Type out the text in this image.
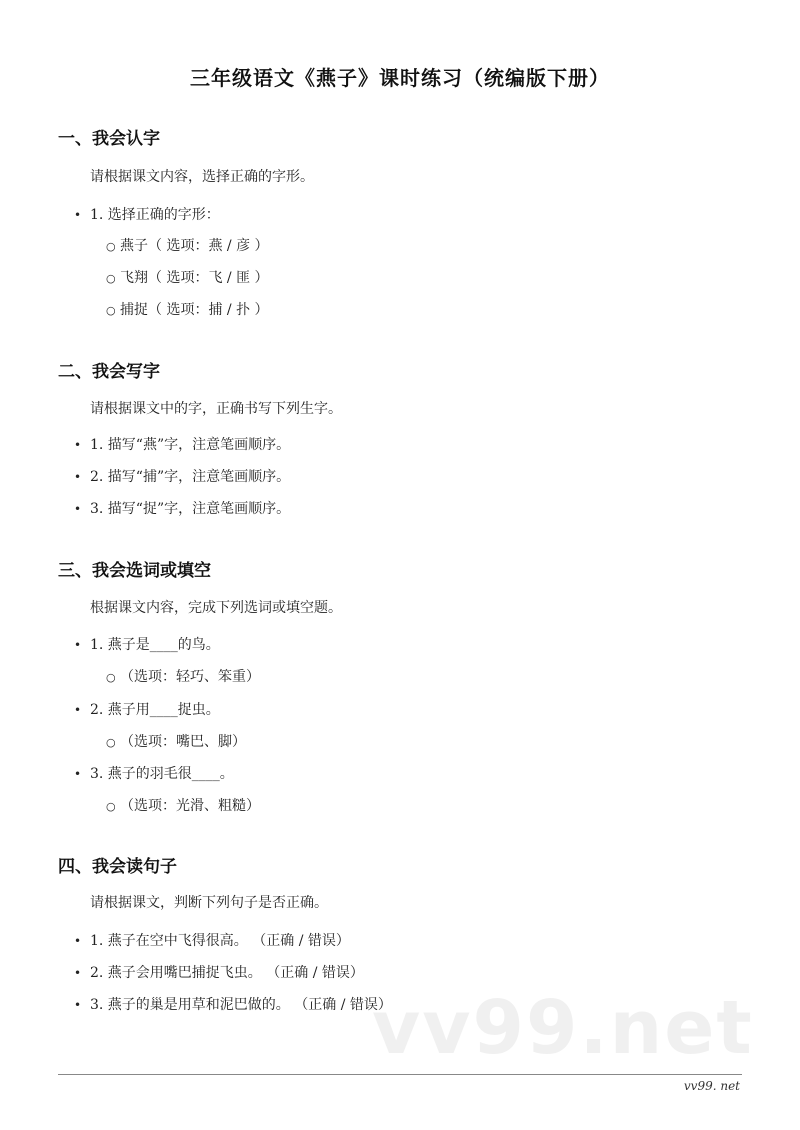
三年级语文《燕子》课时练习（统编版下册）
一、我会认字
请根据课文内容，选择正确的字形。
• 1. 选择正确的字形：
○ 燕子（ 选项：燕 / 彦 ）
○ 飞翔（ 选项：飞 / 匪 ）
○ 捕捉（ 选项：捕 / 扑 ）
二、我会写字
请根据课文中的字，正确书写下列生字。
• 1. 描写“燕”字，注意笔画顺序。
• 2. 描写“捕”字，注意笔画顺序。
• 3. 描写“捉”字，注意笔画顺序。
三、我会选词或填空
根据课文内容，完成下列选词或填空题。
• 1. 燕子是____的鸟。
○ （选项：轻巧、笨重）
• 2. 燕子用____捉虫。
○ （选项：嘴巴、脚）
• 3. 燕子的羽毛很____。
○ （选项：光滑、粗糙）
四、我会读句子
请根据课文，判断下列句子是否正确。
• 1. 燕子在空中飞得很高。 （正确 / 错误）
• 2. 燕子会用嘴巴捕捉飞虫。 （正确 / 错误）
• 3. 燕子的巢是用草和泥巴做的。 （正确 / 错误）
vv99.net
vv99. net
